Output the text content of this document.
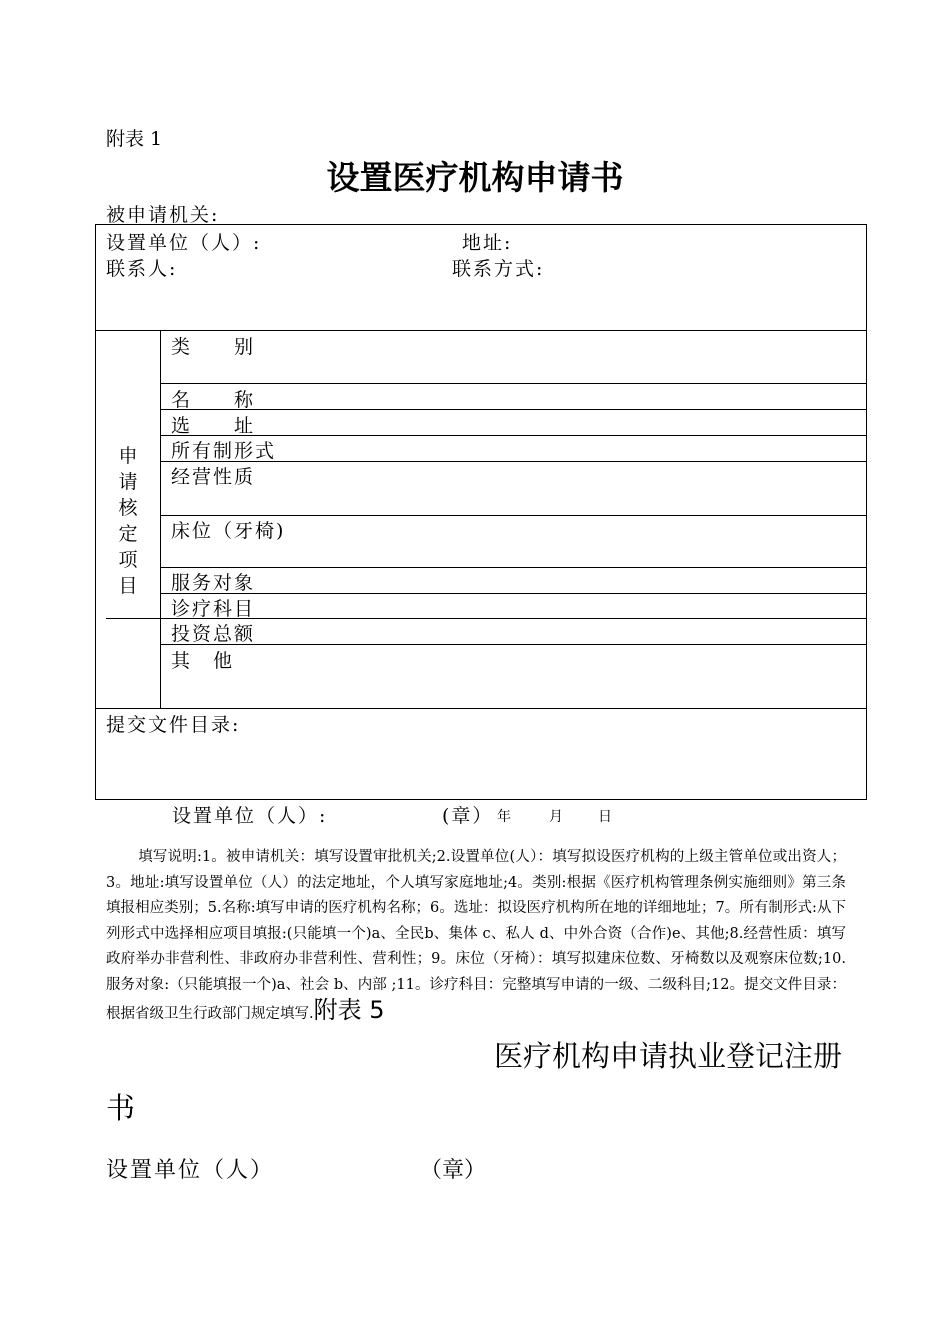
附表 1
设置医疗机构申请书
被申请机关:
设置单位（人）:	地址:
联系人:	联系方式:
申
请
核
定
项
目
类　　别
名　　称
选　　址
所有制形式
经营性质
床位（牙椅)
服务对象
诊疗科目
投资总额
其　他
提交文件目录:
设置单位（人）:	(章） 年	月 日
填写说明:1。被申请机关：填写设置审批机关;2.设置单位(人）：填写拟设医疗机构的上级主管单位或出资人；3。地址:填写设置单位（人）的法定地址，个人填写家庭地址;4。类别:根据《医疗机构管理条例实施细则》第三条填报相应类别；5.名称:填写申请的医疗机构名称；6。选址：拟设医疗机构所在地的详细地址；7。所有制形式:从下列形式中选择相应项目填报:(只能填一个)a、全民b、集体 c、私人 d、中外合资（合作)e、其他;8.经营性质：填写政府举办非营利性、非政府办非营利性、营利性；9。床位（牙椅）：填写拟建床位数、牙椅数以及观察床位数;10.服务对象:（只能填报一个)a、社会 b、内部 ;11。诊疗科目：完整填写申请的一级、二级科目;12。提交文件目录：根据省级卫生行政部门规定填写.附表 5
医疗机构申请执业登记注册书
设置单位（人）	（章）
